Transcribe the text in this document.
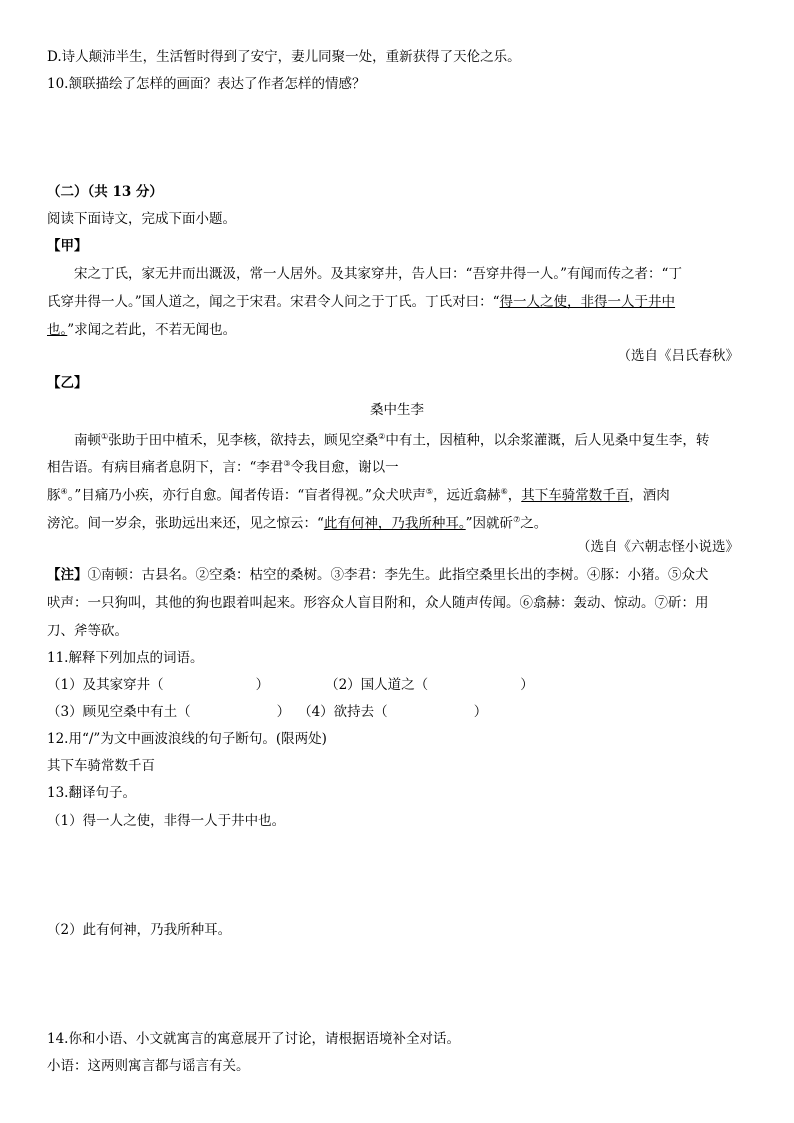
D.诗人颠沛半生，生活暂时得到了安宁，妻儿同聚一处，重新获得了天伦之乐。
10.颔联描绘了怎样的画面？表达了作者怎样的情感？
（二）（共 13 分）
阅读下面诗文，完成下面小题。
【甲】
宋之丁氏，家无井而出溉汲，常一人居外。及其家穿井，告人曰：“吾穿井得一人。”有闻而传之者：“丁
氏穿井得一人。”国人道之，闻之于宋君。宋君令人问之于丁氏。丁氏对曰：“得一人之使，非得一人于井中
也。”求闻之若此，不若无闻也。
（选自《吕氏春秋》
【乙】
桑中生李
南顿①张助于田中植禾，见李核，欲持去，顾见空桑②中有土，因植种，以余浆灌溉，后人见桑中复生李，转
相告语。有病目痛者息阴下，言：“李君③令我目愈，谢以一
豚④。”目痛乃小疾，亦行自愈。闻者传语：“盲者得视。”众犬吠声⑤，远近翕赫⑥，其下车骑常数千百，酒肉
滂沱。间一岁余，张助远出来还，见之惊云：“此有何神，乃我所种耳。”因就斫⑦之。
（选自《六朝志怪小说选》
【注】①南顿：古县名。②空桑：枯空的桑树。③李君：李先生。此指空桑里长出的李树。④豚：小猪。⑤众犬
吠声：一只狗叫，其他的狗也跟着叫起来。形容众人盲目附和，众人随声传闻。⑥翕赫：轰动、惊动。⑦斫：用
刀、斧等砍。
11.解释下列加点的词语。
（1）及其家穿井（	）	（2）国人道之（	）
（3）顾见空桑中有土（	） （4）欲持去（	）
12.用“/”为文中画波浪线的句子断句。(限两处)
其下车骑常数千百
13.翻译句子。
（1）得一人之使，非得一人于井中也。
（2）此有何神，乃我所种耳。
14.你和小语、小文就寓言的寓意展开了讨论，请根据语境补全对话。
小语：这两则寓言都与谣言有关。
